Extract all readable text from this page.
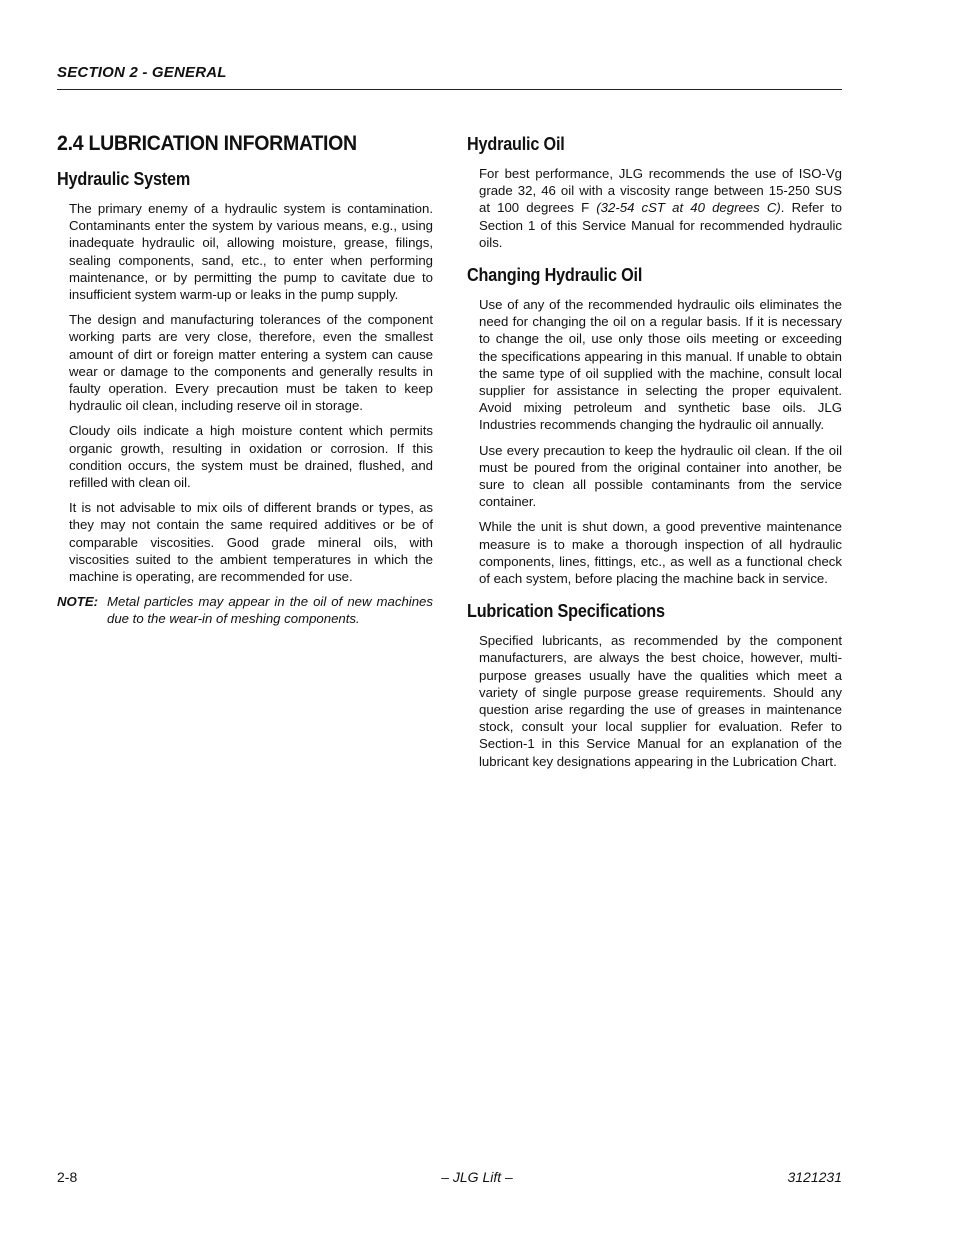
SECTION 2 - GENERAL
2.4 LUBRICATION INFORMATION
Hydraulic System

The primary enemy of a hydraulic system is contamination. Contaminants enter the system by various means, e.g., using inadequate hydraulic oil, allowing moisture, grease, filings, sealing components, sand, etc., to enter when performing maintenance, or by permitting the pump to cavitate due to insufficient system warm-up or leaks in the pump supply.

The design and manufacturing tolerances of the component working parts are very close, therefore, even the smallest amount of dirt or foreign matter entering a system can cause wear or damage to the components and generally results in faulty operation. Every precaution must be taken to keep hydraulic oil clean, including reserve oil in storage.

Cloudy oils indicate a high moisture content which permits organic growth, resulting in oxidation or corrosion. If this condition occurs, the system must be drained, flushed, and refilled with clean oil.

It is not advisable to mix oils of different brands or types, as they may not contain the same required additives or be of comparable viscosities. Good grade mineral oils, with viscosities suited to the ambient temperatures in which the machine is operating, are recommended for use.

NOTE: Metal particles may appear in the oil of new machines due to the wear-in of meshing components.
Hydraulic Oil

For best performance, JLG recommends the use of ISO-Vg grade 32, 46 oil with a viscosity range between 15-250 SUS at 100 degrees F (32-54 cST at 40 degrees C). Refer to Section 1 of this Service Manual for recommended hydraulic oils.

Changing Hydraulic Oil

Use of any of the recommended hydraulic oils eliminates the need for changing the oil on a regular basis. If it is necessary to change the oil, use only those oils meeting or exceeding the specifications appearing in this manual. If unable to obtain the same type of oil supplied with the machine, consult local supplier for assistance in selecting the proper equivalent. Avoid mixing petroleum and synthetic base oils. JLG Industries recommends changing the hydraulic oil annually.

Use every precaution to keep the hydraulic oil clean. If the oil must be poured from the original container into another, be sure to clean all possible contaminants from the service container.

While the unit is shut down, a good preventive maintenance measure is to make a thorough inspection of all hydraulic components, lines, fittings, etc., as well as a functional check of each system, before placing the machine back in service.

Lubrication Specifications

Specified lubricants, as recommended by the component manufacturers, are always the best choice, however, multi-purpose greases usually have the qualities which meet a variety of single purpose grease requirements. Should any question arise regarding the use of greases in maintenance stock, consult your local supplier for evaluation. Refer to Section-1 in this Service Manual for an explanation of the lubricant key designations appearing in the Lubrication Chart.

2-8	– JLG Lift –	3121231
